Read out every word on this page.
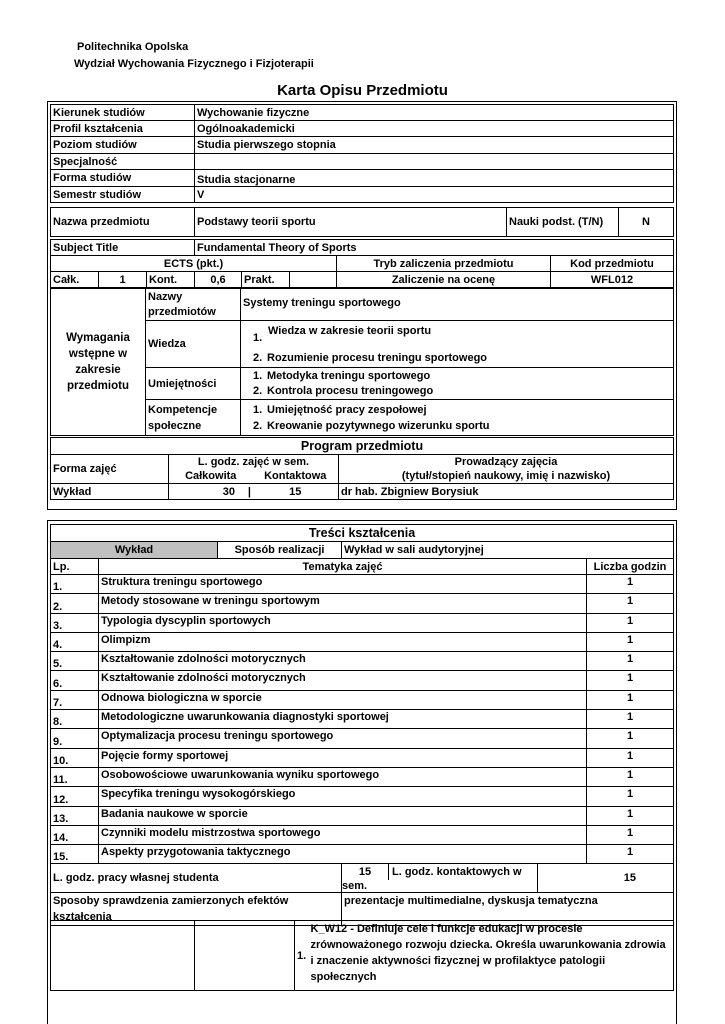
Politechnika Opolska
Wydział Wychowania Fizycznego i Fizjoterapii
Karta Opisu Przedmiotu
Kierunek studiów	Wychowanie fizyczne
Profil kształcenia	Ogólnoakademicki
Poziom studiów	Studia pierwszego stopnia
Specjalność	
Forma studiów	Studia stacjonarne
Semestr studiów	V
Nazwa przedmiotu	Podstawy teorii sportu	Nauki podst. (T/N)	N
Subject Title			Fundamental Theory of Sports				
ECTS (pkt.)						Tryb zaliczenia przedmiotu	Kod przedmiotu
Całk.	1	Kont.	0,6	Prakt.		Zaliczenie na ocenę	WFL012
Wymagania wstępne w zakresie przedmiotu	Nazwy przedmiotów	Systemy treningu sportowego
	Wiedza	1.
Wiedza w zakresie teorii sportu
2. Rozumienie procesu treningu sportowego

	Umiejętności	1. Metodyka treningu sportowego
2. Kontrola procesu treningowego

	Kompetencje społeczne	1. Umiejętność pracy zespołowej
2. Kreowanie pozytywnego wizerunku sportu
Program przedmiotu			
Forma zajęć	L. godz. zajęć w sem.		Prowadzący zajęcia
	Całkowita	Kontaktowa	(tytuł/stopień naukowy, imię i nazwisko)
Wykład	30 |	15	dr hab. Zbigniew Borysiuk
Treści kształcenia					
Wykład		Sposób realizacji	Wykład w sali audytoryjnej		
Lp.	Tematyka zajęć				Liczba godzin
1.	Struktura treningu sportowego				1
2.	Metody stosowane w treningu sportowym				1
3.	Typologia dyscyplin sportowych				1
4.	Olimpizm				1
5.	Kształtowanie zdolności motorycznych				1
6.	Kształtowanie zdolności motorycznych				1
7.	Odnowa biologiczna w sporcie				1
8.	Metodologiczne uwarunkowania diagnostyki sportowej				1
9.	Optymalizacja procesu treningu sportowego				1
10.	Pojęcie formy sportowej				1
11.	Osobowościowe uwarunkowania wyniku sportowego				1
12.	Specyfika treningu wysokogórskiego				1
13.	Badania naukowe w sporcie				1
14.	Czynniki modelu mistrzostwa sportowego				1
15.	Aspekty przygotowania taktycznego				1
L. godz. pracy własnej studenta			15 L. godz. kontaktowych w sem.	15	
Sposoby sprawdzenia zamierzonych efektów kształcenia			prezentacje multimedialne, dyskusja tematyczna		
		1.	K_W12 - Definiuje cele i funkcje edukacji w procesie zrównoważonego rozwoju dziecka. Określa uwarunkowania zdrowia i znaczenie aktywności fizycznej w profilaktyce patologii społecznych
